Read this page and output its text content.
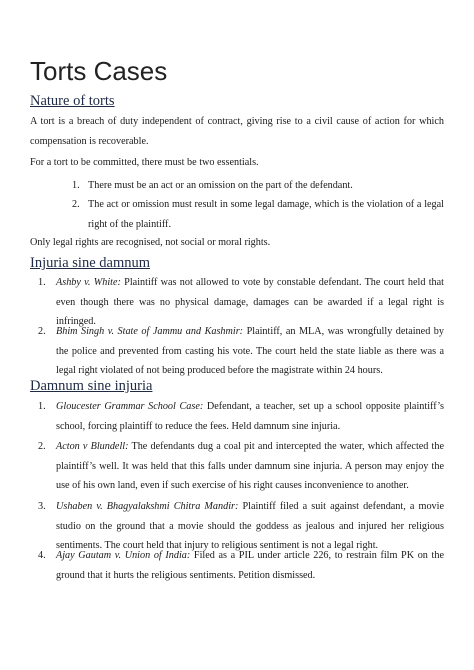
Torts Cases
Nature of torts

A tort is a breach of duty independent of contract, giving rise to a civil cause of action for which compensation is recoverable.

For a tort to be committed, there must be two essentials.

1. There must be an act or an omission on the part of the defendant.
2. The act or omission must result in some legal damage, which is the violation of a legal right of the plaintiff.

Only legal rights are recognised, not social or moral rights.

Injuria sine damnum
1. Ashby v. White: Plaintiff was not allowed to vote by constable defendant. The court held that even though there was no physical damage, damages can be awarded if a legal right is infringed.
2. Bhim Singh v. State of Jammu and Kashmir: Plaintiff, an MLA, was wrongfully detained by the police and prevented from casting his vote. The court held the state liable as there was a legal right violated of not being produced before the magistrate within 24 hours.
Damnum sine injuria
1. Gloucester Grammar School Case: Defendant, a teacher, set up a school opposite plaintiff’s school, forcing plaintiff to reduce the fees. Held damnum sine injuria.
2. Acton v Blundell: The defendants dug a coal pit and intercepted the water, which affected the plaintiff’s well. It was held that this falls under damnum sine injuria. A person may enjoy the use of his own land, even if such exercise of his right causes inconvenience to another.
3. Ushaben v. Bhagyalakshmi Chitra Mandir: Plaintiff filed a suit against defendant, a movie studio on the ground that a movie should the goddess as jealous and injured her religious sentiments. The court held that injury to religious sentiment is not a legal right.
4. Ajay Gautam v. Union of India: Filed as a PIL under article 226, to restrain film PK on the ground that it hurts the religious sentiments. Petition dismissed.
